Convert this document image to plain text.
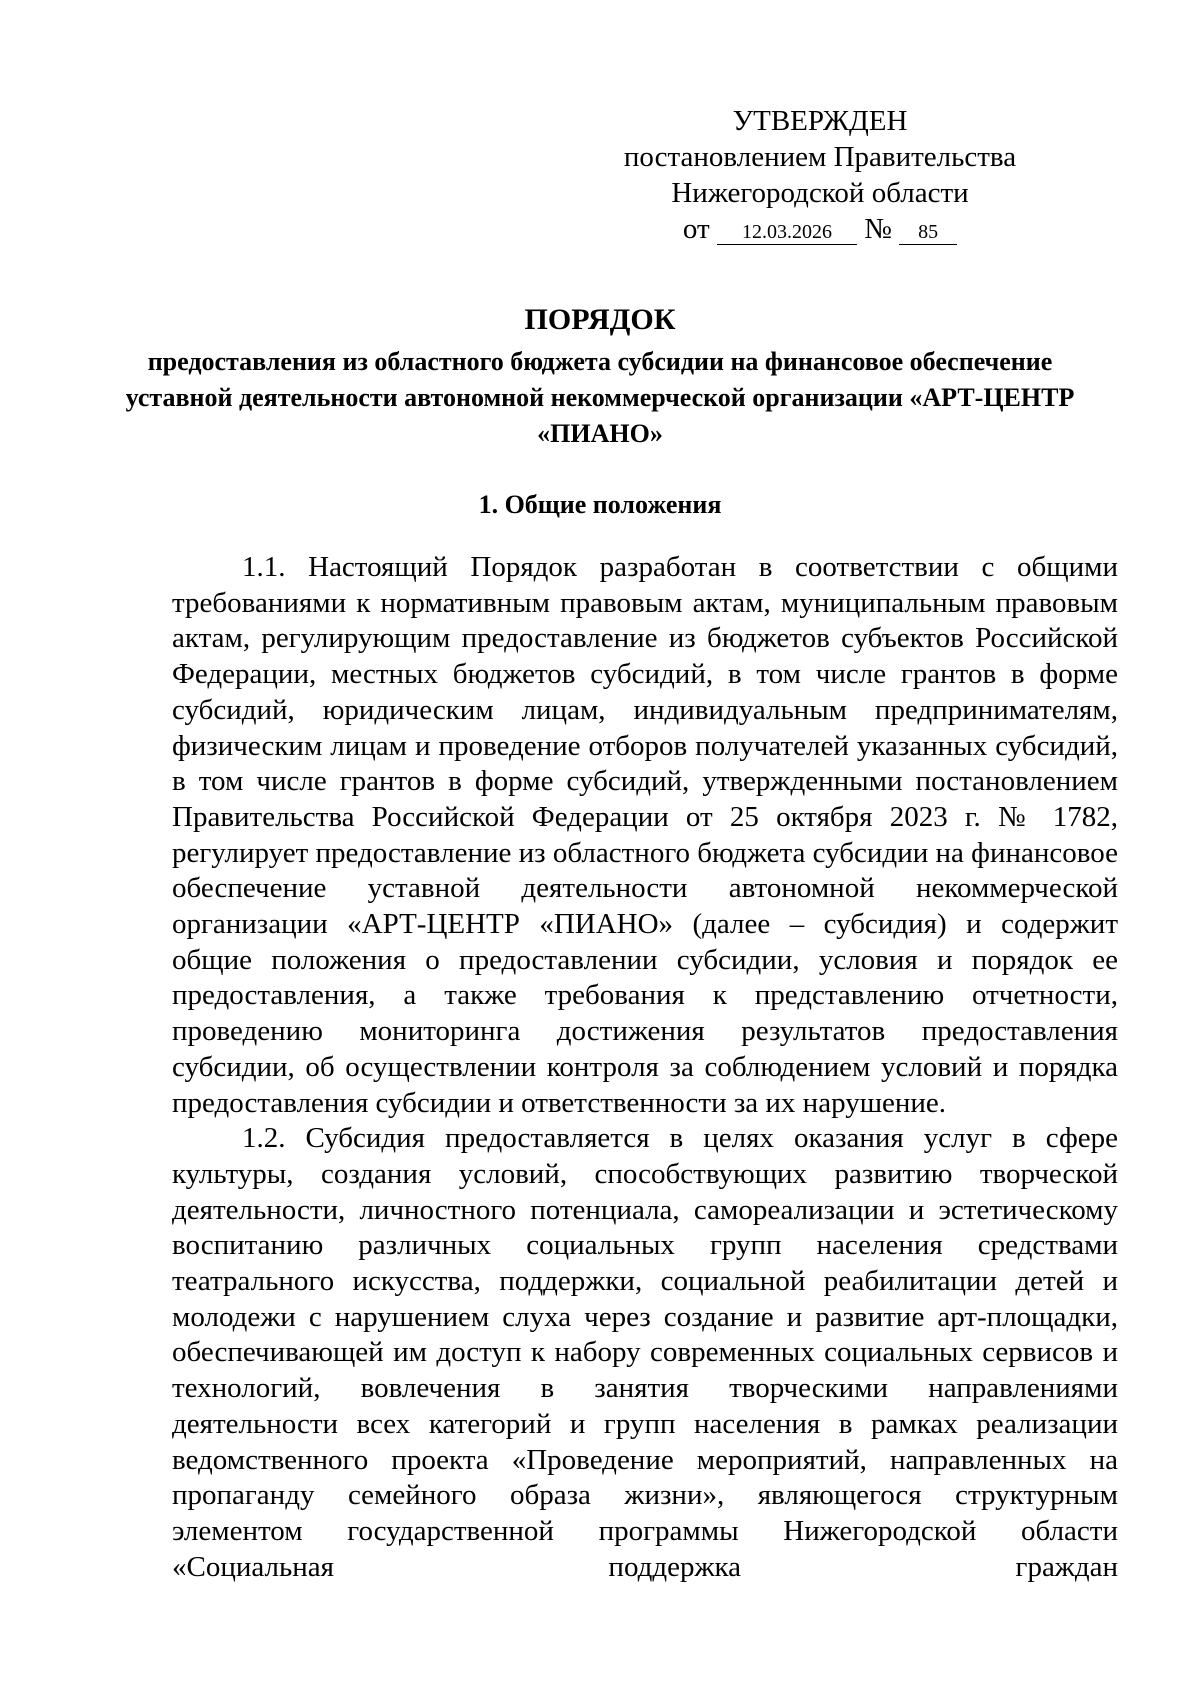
УТВЕРЖДЕН
постановлением Правительства
Нижегородской области
от 12.03.2026 № 85
ПОРЯДОК
предоставления из областного бюджета субсидии на финансовое обеспечение уставной деятельности автономной некоммерческой организации «АРТ-ЦЕНТР «ПИАНО»
1. Общие положения

1.1. Настоящий Порядок разработан в соответствии с общими требованиями к нормативным правовым актам, муниципальным правовым актам, регулирующим предоставление из бюджетов субъектов Российской Федерации, местных бюджетов субсидий, в том числе грантов в форме субсидий, юридическим лицам, индивидуальным предпринимателям, физическим лицам и проведение отборов получателей указанных субсидий, в том числе грантов в форме субсидий, утвержденными постановлением Правительства Российской Федерации от 25 октября 2023 г. № 1782, регулирует предоставление из областного бюджета субсидии на финансовое обеспечение уставной деятельности автономной некоммерческой организации «АРТ-ЦЕНТР «ПИАНО» (далее – субсидия) и содержит общие положения о предоставлении субсидии, условия и порядок ее предоставления, а также требования к представлению отчетности, проведению мониторинга достижения результатов предоставления субсидии, об осуществлении контроля за соблюдением условий и порядка предоставления субсидии и ответственности за их нарушение.

1.2. Субсидия предоставляется в целях оказания услуг в сфере культуры, создания условий, способствующих развитию творческой деятельности, личностного потенциала, самореализации и эстетическому воспитанию различных социальных групп населения средствами театрального искусства, поддержки, социальной реабилитации детей и молодежи с нарушением слуха через создание и развитие арт-площадки, обеспечивающей им доступ к набору современных социальных сервисов и технологий, вовлечения в занятия творческими направлениями деятельности всех категорий и групп населения в рамках реализации ведомственного проекта «Проведение мероприятий, направленных на пропаганду семейного образа жизни», являющегося структурным элементом государственной программы Нижегородской области «Социальная поддержка граждан
